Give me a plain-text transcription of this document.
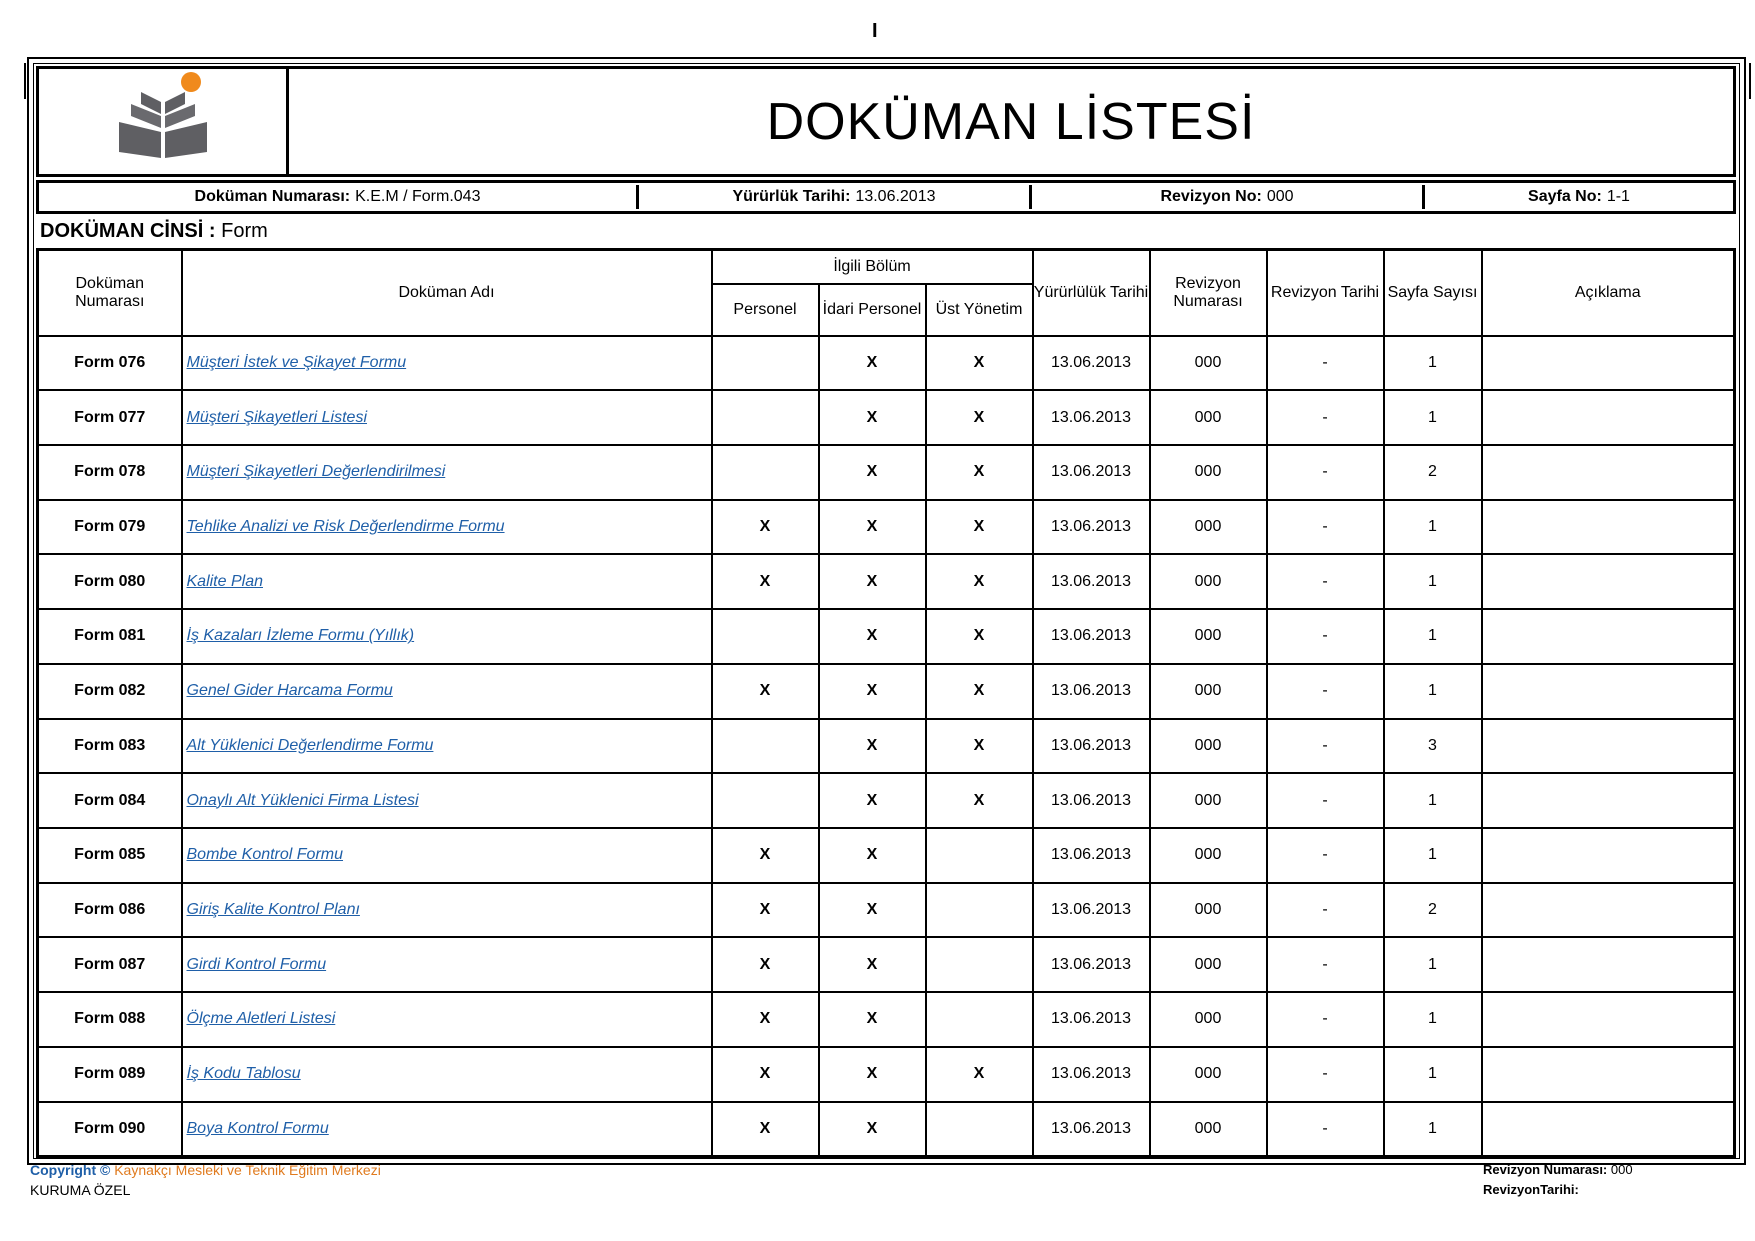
I
DOKÜMAN LİSTESİ
Doküman Numarası: K.E.M / Form.043	Yürürlük Tarihi: 13.06.2013	Revizyon No: 000	Sayfa No: 1-1
DOKÜMAN CİNSİ : Form
Doküman Numarası	Doküman Adı	İlgili Bölüm			Yürürlülük Tarihi	Revizyon Numarası	Revizyon Tarihi	Sayfa Sayısı	Açıklama
		Personel	İdari Personel	Üst Yönetim					
Form 076	Müşteri İstek ve Şikayet Formu		X	X	13.06.2013	000	-	1	
Form 077	Müşteri Şikayetleri Listesi		X	X	13.06.2013	000	-	1	
Form 078	Müşteri Şikayetleri Değerlendirilmesi		X	X	13.06.2013	000	-	2	
Form 079	Tehlike Analizi ve Risk Değerlendirme Formu	X	X	X	13.06.2013	000	-	1	
Form 080	Kalite Plan	X	X	X	13.06.2013	000	-	1	
Form 081	İş Kazaları İzleme Formu (Yıllık)		X	X	13.06.2013	000	-	1	
Form 082	Genel Gider Harcama Formu	X	X	X	13.06.2013	000	-	1	
Form 083	Alt Yüklenici Değerlendirme Formu		X	X	13.06.2013	000	-	3	
Form 084	Onaylı Alt Yüklenici Firma Listesi		X	X	13.06.2013	000	-	1	
Form 085	Bombe Kontrol Formu	X	X		13.06.2013	000	-	1	
Form 086	Giriş Kalite Kontrol Planı	X	X		13.06.2013	000	-	2	
Form 087	Girdi Kontrol Formu	X	X		13.06.2013	000	-	1	
Form 088	Ölçme Aletleri Listesi	X	X		13.06.2013	000	-	1	
Form 089	İş Kodu Tablosu	X	X	X	13.06.2013	000	-	1	
Form 090	Boya Kontrol Formu	X	X		13.06.2013	000	-	1	
Copyright © Kaynakçı Mesleki ve Teknik Eğitim Merkezi
KURUMA ÖZEL
Revizyon Numarası: 000
RevizyonTarihi:
